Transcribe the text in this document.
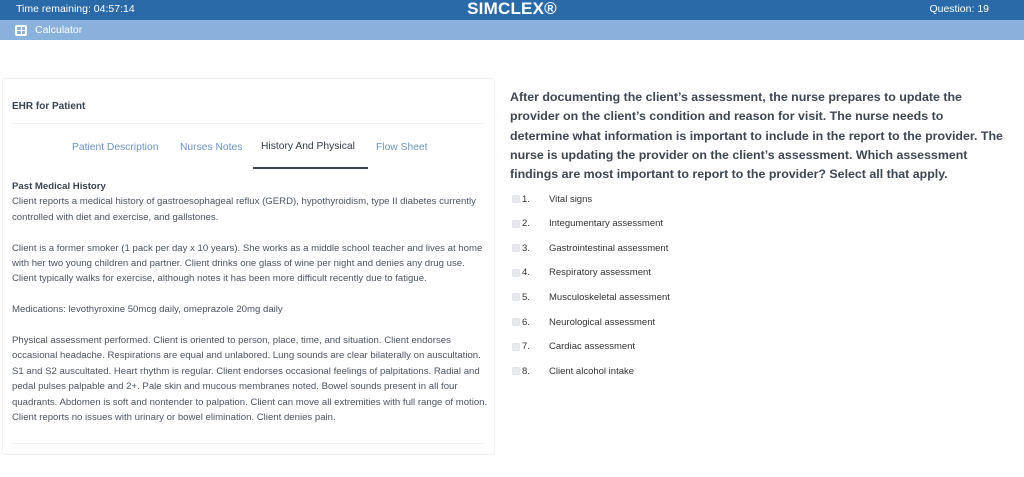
Time remaining: 04:57:14	SIMCLEX®	Question: 19
Calculator
EHR for Patient
Patient Description Nurses Notes History And Physical Flow Sheet
Past Medical History

Client reports a medical history of gastroesophageal reflux (GERD), hypothyroidism, type II diabetes currently controlled with diet and exercise, and gallstones.

Client is a former smoker (1 pack per day x 10 years). She works as a middle school teacher and lives at home with her two young children and partner. Client drinks one glass of wine per night and denies any drug use. Client typically walks for exercise, although notes it has been more difficult recently due to fatigue.

Medications: levothyroxine 50mcg daily, omeprazole 20mg daily

Physical assessment performed. Client is oriented to person, place, time, and situation. Client endorses occasional headache. Respirations are equal and unlabored. Lung sounds are clear bilaterally on auscultation. S1 and S2 auscultated. Heart rhythm is regular. Client endorses occasional feelings of palpitations. Radial and pedal pulses palpable and 2+. Pale skin and mucous membranes noted. Bowel sounds present in all four quadrants. Abdomen is soft and nontender to palpation. Client can move all extremities with full range of motion. Client reports no issues with urinary or bowel elimination. Client denies pain.

After documenting the client’s assessment, the nurse prepares to update the provider on the client’s condition and reason for visit. The nurse needs to determine what information is important to include in the report to the provider. The nurse is updating the provider on the client’s assessment. Which assessment findings are most important to report to the provider? Select all that apply.
1.	Vital signs
2.	Integumentary assessment
3.	Gastrointestinal assessment
4.	Respiratory assessment
5.	Musculoskeletal assessment
6.	Neurological assessment
7.	Cardiac assessment
8.	Client alcohol intake
